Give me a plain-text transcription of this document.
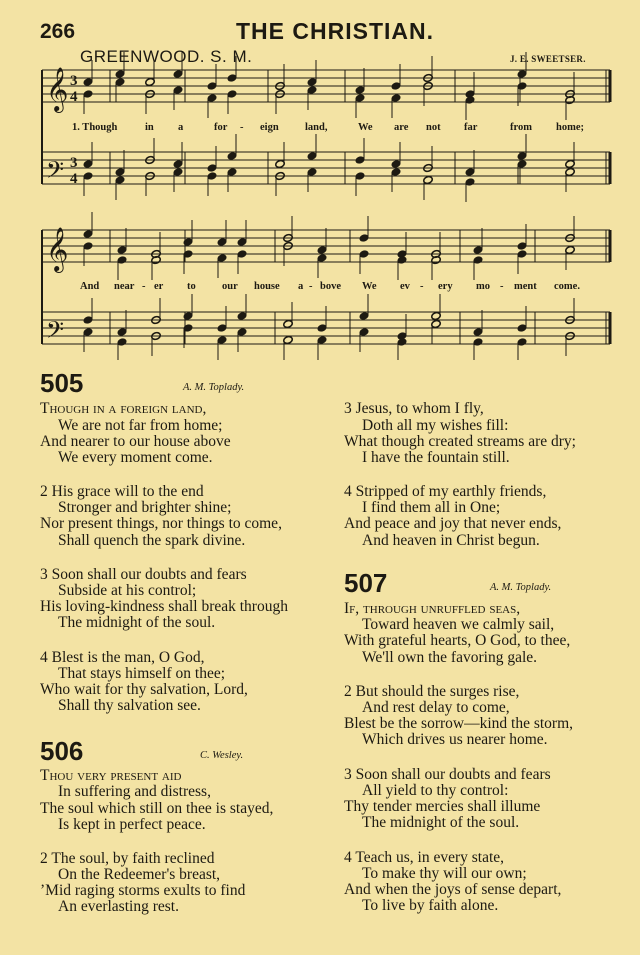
266	THE CHRISTIAN.
GREENWOOD. S. M.	J. E. SWEETSER.
𝄞
𝄢
𝄞
𝄢
3
4
3
4
1. Though	in a	for - eign	land,	We are not far	from home;
And near - er to	our house a - bove We ev - ery mo - ment come.
505	A. M. Toplady.
Though in a foreign land,
We are not far from home;
And nearer to our house above
We every moment come.
2 His grace will to the end
Stronger and brighter shine;
Nor present things, nor things to come,
Shall quench the spark divine.
3 Soon shall our doubts and fears
Subside at his control;
His loving-kindness shall break through
The midnight of the soul.
4 Blest is the man, O God,
That stays himself on thee;
Who wait for thy salvation, Lord,
Shall thy salvation see.
506	C. Wesley.
Thou very present aid
In suffering and distress,
The soul which still on thee is stayed,
Is kept in perfect peace.
2 The soul, by faith reclined
On the Redeemer's breast,
’Mid raging storms exults to find
An everlasting rest.
3 Jesus, to whom I fly,
Doth all my wishes fill:
What though created streams are dry;
I have the fountain still.
4 Stripped of my earthly friends,
I find them all in One;
And peace and joy that never ends,
And heaven in Christ begun.
507	A. M. Toplady.
If, through unruffled seas,
Toward heaven we calmly sail,
With grateful hearts, O God, to thee,
We'll own the favoring gale.
2 But should the surges rise,
And rest delay to come,
Blest be the sorrow—kind the storm,
Which drives us nearer home.
3 Soon shall our doubts and fears
All yield to thy control:
Thy tender mercies shall illume
The midnight of the soul.
4 Teach us, in every state,
To make thy will our own;
And when the joys of sense depart,
To live by faith alone.
